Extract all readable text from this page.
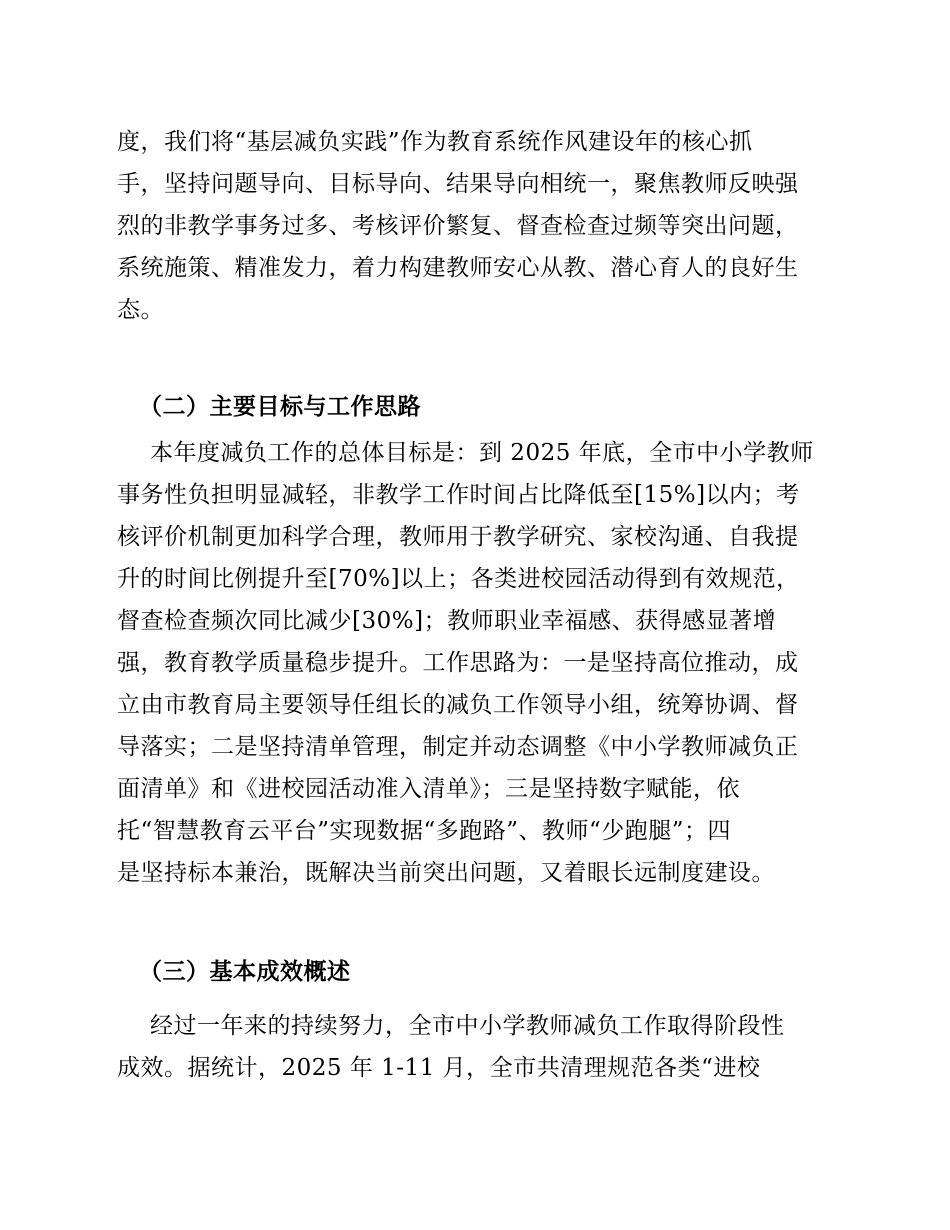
度，我们将“基层减负实践”作为教育系统作风建设年的核心抓
手，坚持问题导向、目标导向、结果导向相统一，聚焦教师反映强
烈的非教学事务过多、考核评价繁复、督查检查过频等突出问题，
系统施策、精准发力，着力构建教师安心从教、潜心育人的良好生
态。
（二）主要目标与工作思路
本年度减负工作的总体目标是：到 2025 年底，全市中小学教师
事务性负担明显减轻，非教学工作时间占比降低至[15%]以内；考
核评价机制更加科学合理，教师用于教学研究、家校沟通、自我提
升的时间比例提升至[70%]以上；各类进校园活动得到有效规范，
督查检查频次同比减少[30%]；教师职业幸福感、获得感显著增
强，教育教学质量稳步提升。工作思路为：一是坚持高位推动，成
立由市教育局主要领导任组长的减负工作领导小组，统筹协调、督
导落实；二是坚持清单管理，制定并动态调整《中小学教师减负正
面清单》和《进校园活动准入清单》；三是坚持数字赋能，依
托“智慧教育云平台”实现数据“多跑路”、教师“少跑腿”；四
是坚持标本兼治，既解决当前突出问题，又着眼长远制度建设。
（三）基本成效概述
经过一年来的持续努力，全市中小学教师减负工作取得阶段性
成效。据统计，2025 年 1-11 月，全市共清理规范各类“进校
